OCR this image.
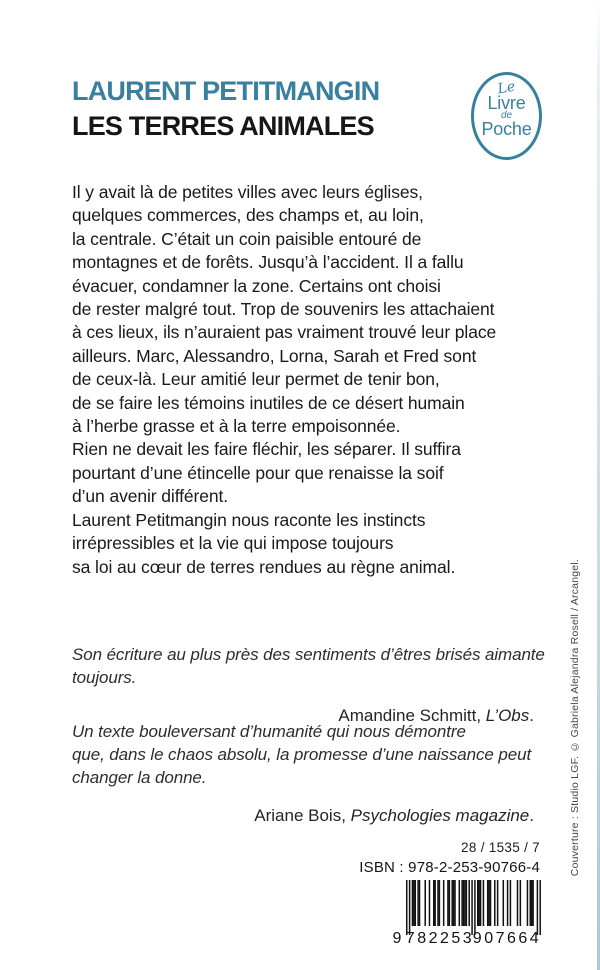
LAURENT PETITMANGIN
LES TERRES ANIMALES
Le
Livre
de
Poche
Il y avait là de petites villes avec leurs églises,
quelques commerces, des champs et, au loin,
la centrale. C’était un coin paisible entouré de
montagnes et de forêts. Jusqu’à l’accident. Il a fallu
évacuer, condamner la zone. Certains ont choisi
de rester malgré tout. Trop de souvenirs les attachaient
à ces lieux, ils n’auraient pas vraiment trouvé leur place
ailleurs. Marc, Alessandro, Lorna, Sarah et Fred sont
de ceux-là. Leur amitié leur permet de tenir bon,
de se faire les témoins inutiles de ce désert humain
à l’herbe grasse et à la terre empoisonnée.
Rien ne devait les faire fléchir, les séparer. Il suffira
pourtant d’une étincelle pour que renaisse la soif
d’un avenir différent.
Laurent Petitmangin nous raconte les instincts
irrépressibles et la vie qui impose toujours
sa loi au cœur de terres rendues au règne animal.
Son écriture au plus près des sentiments d’êtres brisés aimante
toujours.
Amandine Schmitt, L’Obs.
Un texte bouleversant d’humanité qui nous démontre
que, dans le chaos absolu, la promesse d’une naissance peut
changer la donne.
Ariane Bois, Psychologies magazine.
28 / 1535 / 7
ISBN : 978-2-253-90766-4
9 782253
907664
Couverture : Studio LGF. © Gabriela Alejandra Rosell / Arcangel.
